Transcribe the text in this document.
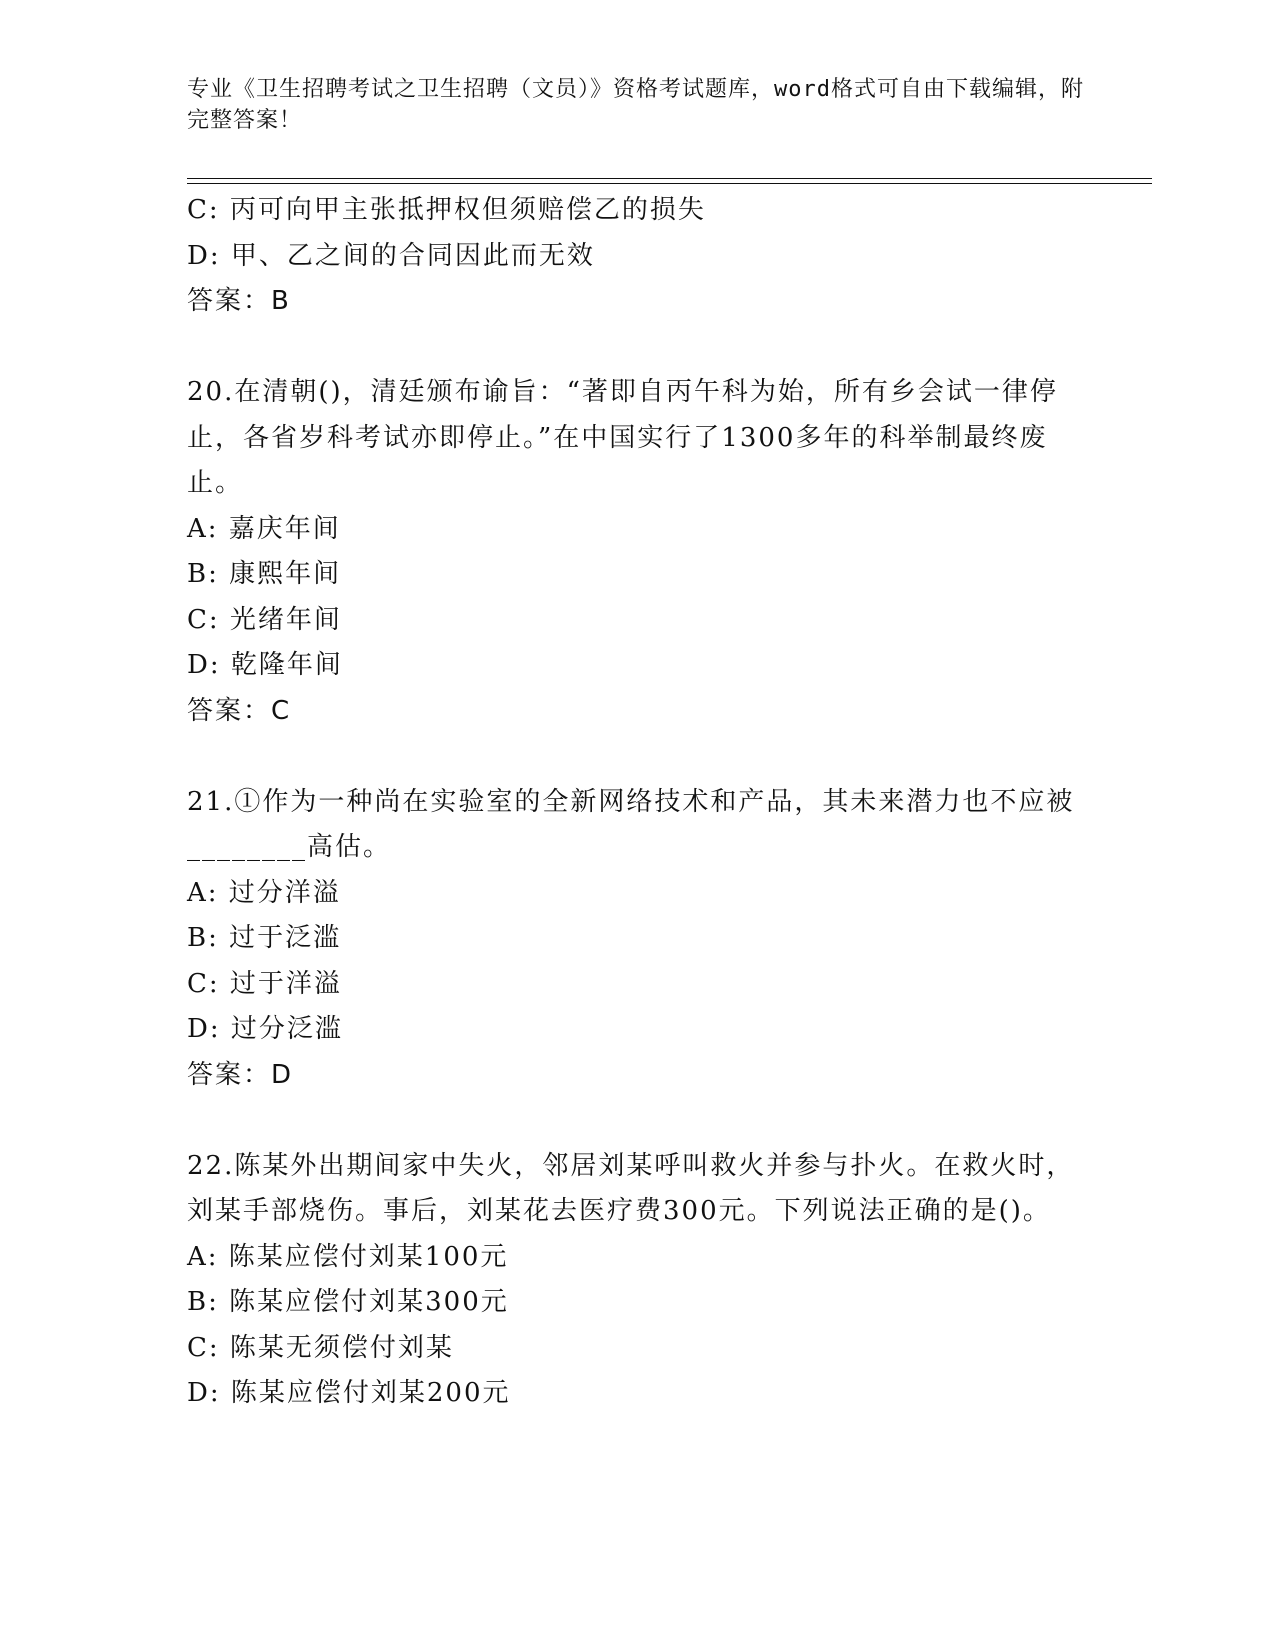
专业《卫生招聘考试之卫生招聘（文员）》资格考试题库，word格式可自由下载编辑，附完整答案！
C: 丙可向甲主张抵押权但须赔偿乙的损失
D: 甲、乙之间的合同因此而无效
答案：B
20.在清朝()，清廷颁布谕旨：“著即自丙午科为始，所有乡会试一律停止，各省岁科考试亦即停止。”在中国实行了1300多年的科举制最终废止。
A: 嘉庆年间
B: 康熙年间
C: 光绪年间
D: 乾隆年间
答案：C
21.①作为一种尚在实验室的全新网络技术和产品，其未来潜力也不应被________高估。
A: 过分洋溢
B: 过于泛滥
C: 过于洋溢
D: 过分泛滥
答案：D
22.陈某外出期间家中失火，邻居刘某呼叫救火并参与扑火。在救火时，刘某手部烧伤。事后，刘某花去医疗费300元。下列说法正确的是()。
A: 陈某应偿付刘某100元
B: 陈某应偿付刘某300元
C: 陈某无须偿付刘某
D: 陈某应偿付刘某200元
